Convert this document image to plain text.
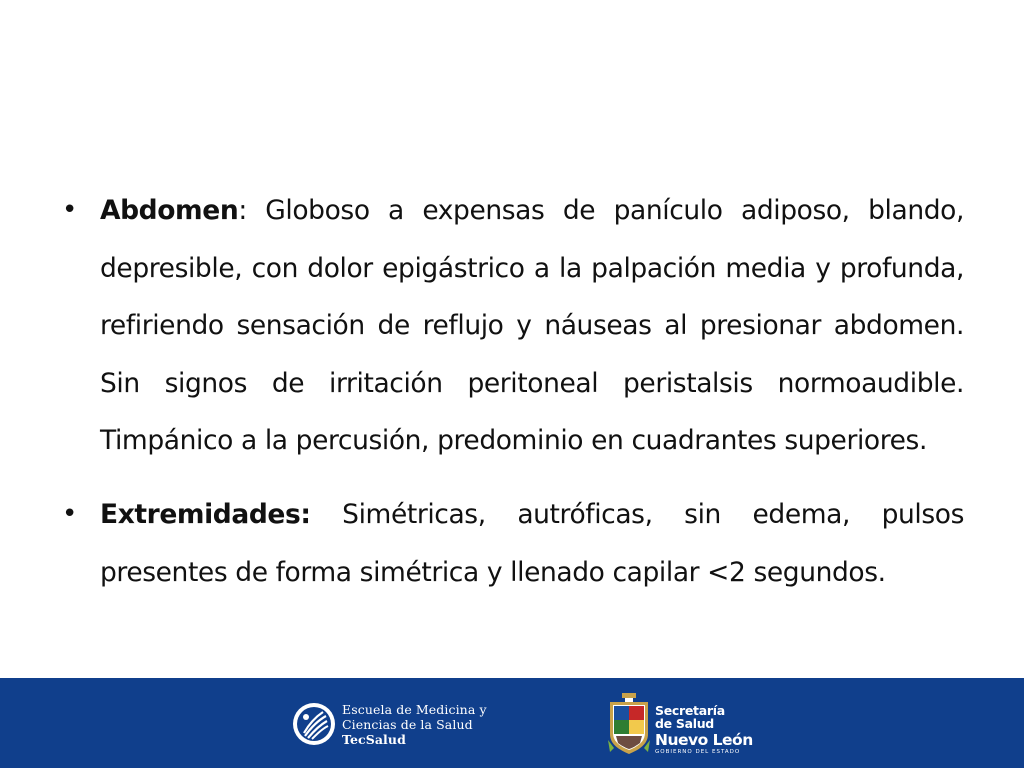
• Abdomen: Globoso a expensas de panículo adiposo, blando, depresible, con dolor epigástrico a la palpación media y profunda, refiriendo sensación de reflujo y náuseas al presionar abdomen. Sin signos de irritación peritoneal peristalsis normoaudible. Timpánico a la percusión, predominio en cuadrantes superiores.
• Extremidades: Simétricas, autróficas, sin edema, pulsos presentes de forma simétrica y llenado capilar <2 segundos.
Escuela de Medicina y
Ciencias de la Salud
TecSalud
Secretaría
de Salud
Nuevo León
GOBIERNO DEL ESTADO
